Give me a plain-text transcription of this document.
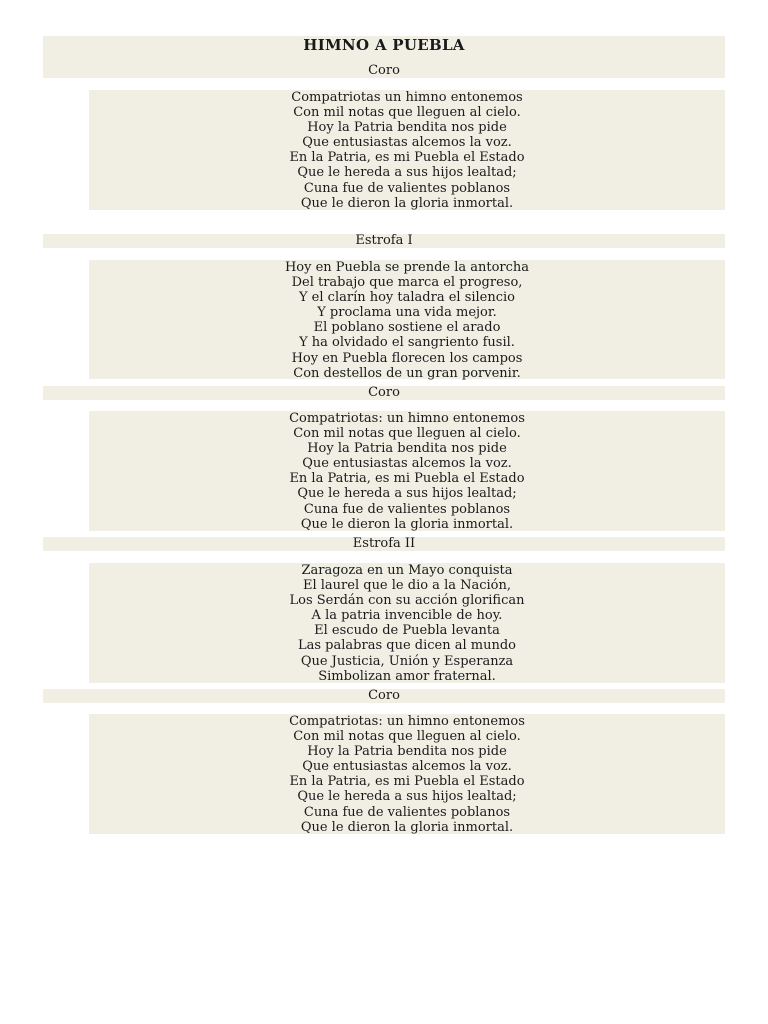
HIMNO A PUEBLA
Coro
Compatriotas un himno entonemos
Con mil notas que lleguen al cielo.
Hoy la Patria bendita nos pide
Que entusiastas alcemos la voz.
En la Patria, es mi Puebla el Estado
Que le hereda a sus hijos lealtad;
Cuna fue de valientes poblanos
Que le dieron la gloria inmortal.
Estrofa I
Hoy en Puebla se prende la antorcha
Del trabajo que marca el progreso,
Y el clarín hoy taladra el silencio
Y proclama una vida mejor.
El poblano sostiene el arado
Y ha olvidado el sangriento fusil.
Hoy en Puebla florecen los campos
Con destellos de un gran porvenir.
Coro
Compatriotas: un himno entonemos
Con mil notas que lleguen al cielo.
Hoy la Patria bendita nos pide
Que entusiastas alcemos la voz.
En la Patria, es mi Puebla el Estado
Que le hereda a sus hijos lealtad;
Cuna fue de valientes poblanos
Que le dieron la gloria inmortal.
Estrofa II
Zaragoza en un Mayo conquista
El laurel que le dio a la Nación,
Los Serdán con su acción glorifican
A la patria invencible de hoy.
El escudo de Puebla levanta
Las palabras que dicen al mundo
Que Justicia, Unión y Esperanza
Simbolizan amor fraternal.
Coro
Compatriotas: un himno entonemos
Con mil notas que lleguen al cielo.
Hoy la Patria bendita nos pide
Que entusiastas alcemos la voz.
En la Patria, es mi Puebla el Estado
Que le hereda a sus hijos lealtad;
Cuna fue de valientes poblanos
Que le dieron la gloria inmortal.
